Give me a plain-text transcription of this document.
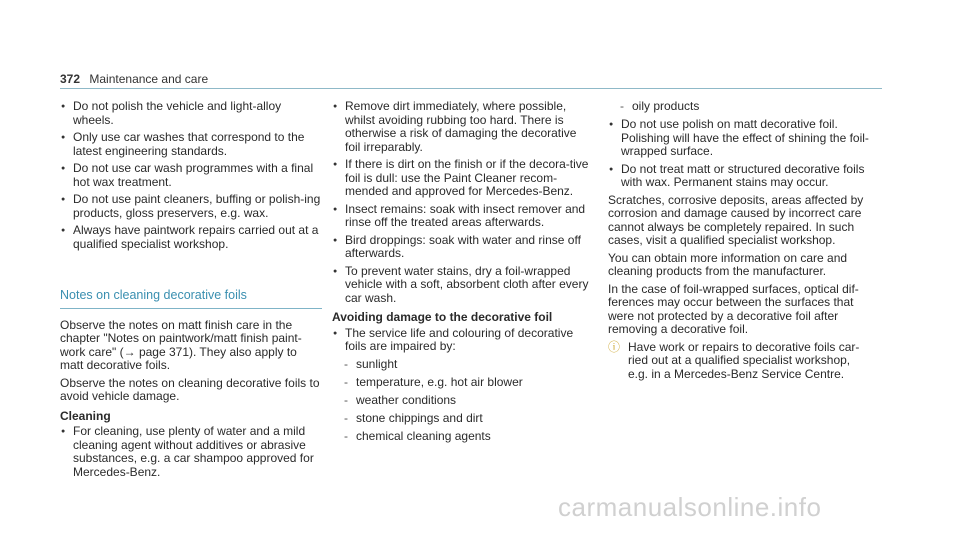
372 Maintenance and care
● Do not polish the vehicle and light-alloy wheels.
● Only use car washes that correspond to the latest engineering standards.
● Do not use car wash programmes with a final hot wax treatment.
● Do not use paint cleaners, buffing or polish-ing products, gloss preservers, e.g. wax.
● Always have paintwork repairs carried out at a qualified specialist workshop.
Notes on cleaning decorative foils

Observe the notes on matt finish care in the chapter "Notes on paintwork/matt finish paint-work care" (→ page 371). They also apply to matt decorative foils.

Observe the notes on cleaning decorative foils to avoid vehicle damage.

Cleaning
● For cleaning, use plenty of water and a mild cleaning agent without additives or abrasive substances, e.g. a car shampoo approved for Mercedes-Benz.
● Remove dirt immediately, where possible, whilst avoiding rubbing too hard. There is otherwise a risk of damaging the decorative foil irreparably.
● If there is dirt on the finish or if the decora-tive foil is dull: use the Paint Cleaner recom-mended and approved for Mercedes-Benz.
● Insect remains: soak with insect remover and rinse off the treated areas afterwards.
● Bird droppings: soak with water and rinse off afterwards.
● To prevent water stains, dry a foil-wrapped vehicle with a soft, absorbent cloth after every car wash.
Avoiding damage to the decorative foil
● The service life and colouring of decorative foils are impaired by:
- sunlight
- temperature, e.g. hot air blower
- weather conditions
- stone chippings and dirt
- chemical cleaning agents
- oily products
● Do not use polish on matt decorative foil. Polishing will have the effect of shining the foil-wrapped surface.
● Do not treat matt or structured decorative foils with wax. Permanent stains may occur.

Scratches, corrosive deposits, areas affected by corrosion and damage caused by incorrect care cannot always be completely repaired. In such cases, visit a qualified specialist workshop.

You can obtain more information on care and cleaning products from the manufacturer.

In the case of foil-wrapped surfaces, optical dif-ferences may occur between the surfaces that were not protected by a decorative foil after removing a decorative foil.

ⓘ Have work or repairs to decorative foils car-ried out at a qualified specialist workshop, e.g. in a Mercedes-Benz Service Centre.
carmanualsonline.info
